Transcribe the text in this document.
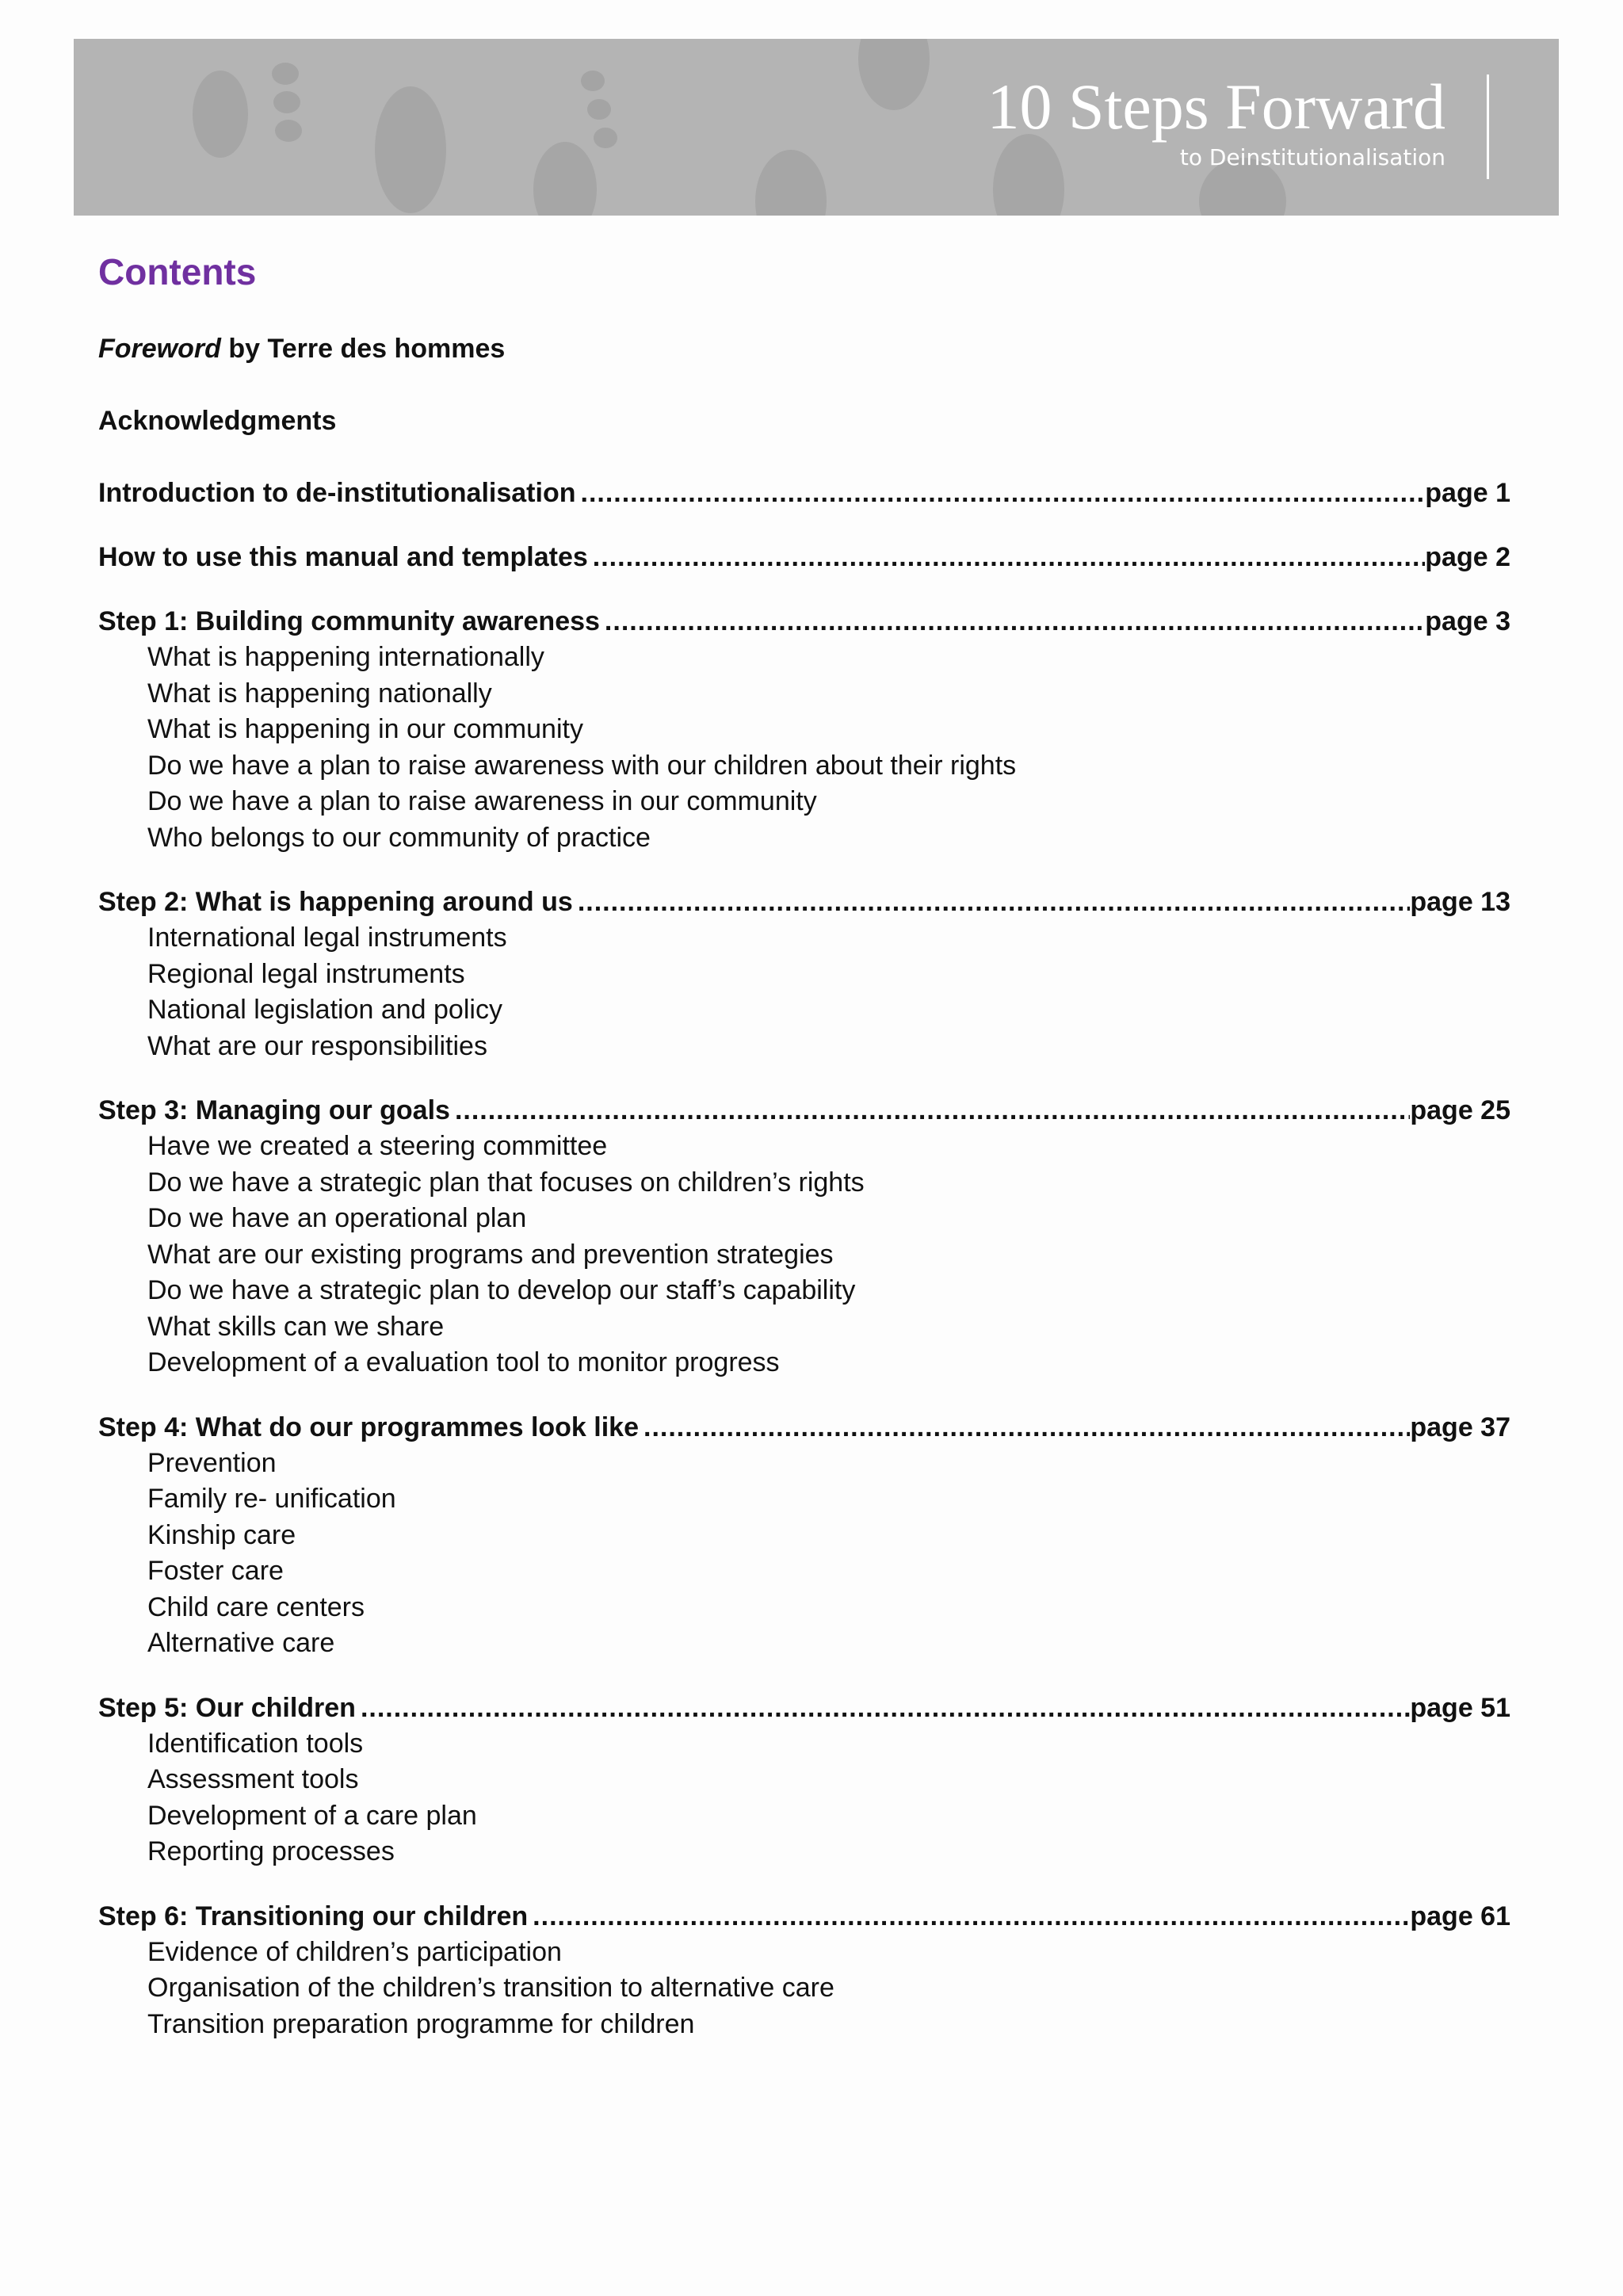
10 Steps Forward
to Deinstitutionalisation
Contents
Foreword by Terre des hommes
Acknowledgments
Introduction to de-institutionalisation .....	page 1
How to use this manual and templates .....	page 2
Step 1: Building community awareness .....	page 3
What is happening internationally
What is happening nationally
What is happening in our community
Do we have a plan to raise awareness with our children about their rights
Do we have a plan to raise awareness in our community
Who belongs to our community of practice
Step 2: What is happening around us .....	page 13
International legal instruments
Regional legal instruments
National legislation and policy
What are our responsibilities
Step 3: Managing our goals .....	page 25
Have we created a steering committee
Do we have a strategic plan that focuses on children’s rights
Do we have an operational plan
What are our existing programs and prevention strategies
Do we have a strategic plan to develop our staff’s capability
What skills can we share
Development of a evaluation tool to monitor progress
Step 4: What do our programmes look like .....	page 37
Prevention
Family re- unification
Kinship care
Foster care
Child care centers
Alternative care
Step 5: Our children .....	page 51
Identification tools
Assessment tools
Development of a care plan
Reporting processes
Step 6: Transitioning our children .....	page 61
Evidence of children’s participation
Organisation of the children’s transition to alternative care
Transition preparation programme for children
